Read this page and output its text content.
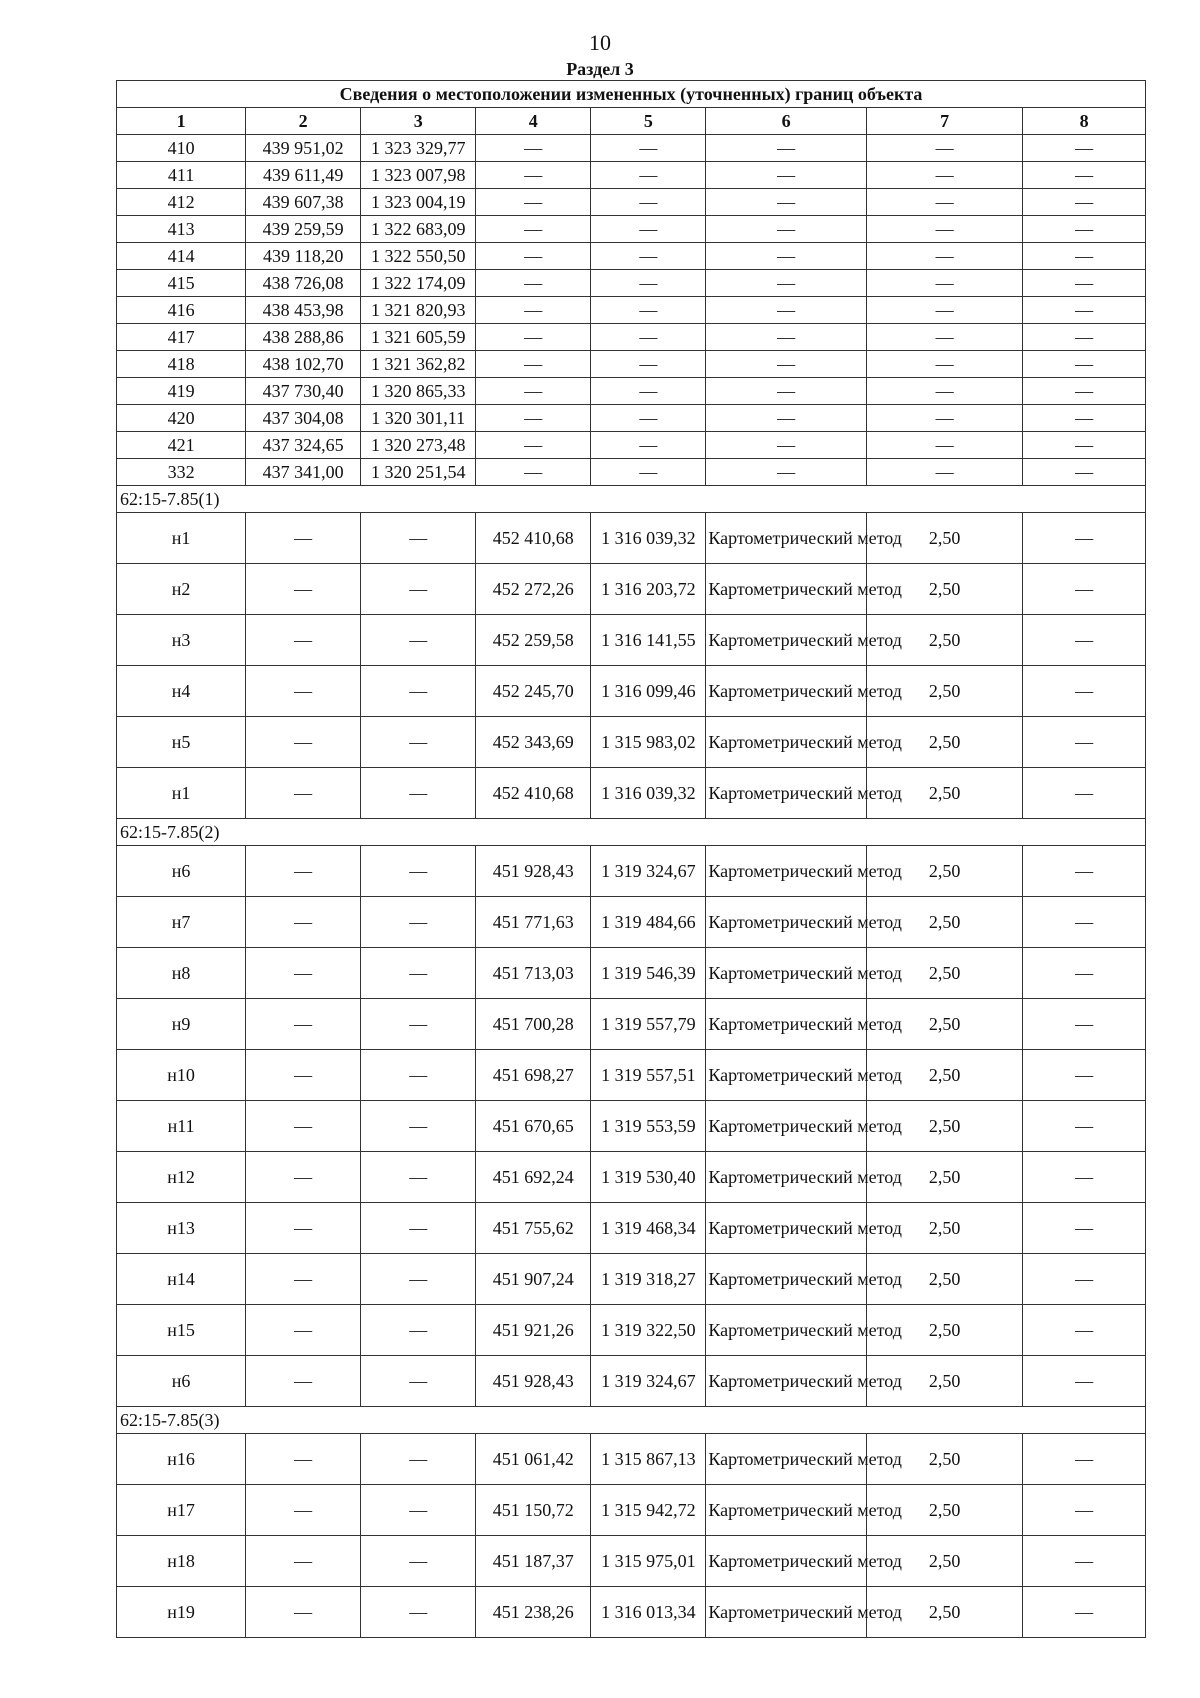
10
Раздел 3
Сведения о местоположении измененных (уточненных) границ объекта							
1	2	3	4	5	6	7	8
410	439 951,02	1 323 329,77	—	—	—	—	—
411	439 611,49	1 323 007,98	—	—	—	—	—
412	439 607,38	1 323 004,19	—	—	—	—	—
413	439 259,59	1 322 683,09	—	—	—	—	—
414	439 118,20	1 322 550,50	—	—	—	—	—
415	438 726,08	1 322 174,09	—	—	—	—	—
416	438 453,98	1 321 820,93	—	—	—	—	—
417	438 288,86	1 321 605,59	—	—	—	—	—
418	438 102,70	1 321 362,82	—	—	—	—	—
419	437 730,40	1 320 865,33	—	—	—	—	—
420	437 304,08	1 320 301,11	—	—	—	—	—
421	437 324,65	1 320 273,48	—	—	—	—	—
332	437 341,00	1 320 251,54	—	—	—	—	—
62:15-7.85(1)							
н1	—	—	452 410,68	1 316 039,32	Картометрический метод	2,50	—
н2	—	—	452 272,26	1 316 203,72	Картометрический метод	2,50	—
н3	—	—	452 259,58	1 316 141,55	Картометрический метод	2,50	—
н4	—	—	452 245,70	1 316 099,46	Картометрический метод	2,50	—
н5	—	—	452 343,69	1 315 983,02	Картометрический метод	2,50	—
н1	—	—	452 410,68	1 316 039,32	Картометрический метод	2,50	—
62:15-7.85(2)							
н6	—	—	451 928,43	1 319 324,67	Картометрический метод	2,50	—
н7	—	—	451 771,63	1 319 484,66	Картометрический метод	2,50	—
н8	—	—	451 713,03	1 319 546,39	Картометрический метод	2,50	—
н9	—	—	451 700,28	1 319 557,79	Картометрический метод	2,50	—
н10	—	—	451 698,27	1 319 557,51	Картометрический метод	2,50	—
н11	—	—	451 670,65	1 319 553,59	Картометрический метод	2,50	—
н12	—	—	451 692,24	1 319 530,40	Картометрический метод	2,50	—
н13	—	—	451 755,62	1 319 468,34	Картометрический метод	2,50	—
н14	—	—	451 907,24	1 319 318,27	Картометрический метод	2,50	—
н15	—	—	451 921,26	1 319 322,50	Картометрический метод	2,50	—
н6	—	—	451 928,43	1 319 324,67	Картометрический метод	2,50	—
62:15-7.85(3)							
н16	—	—	451 061,42	1 315 867,13	Картометрический метод	2,50	—
н17	—	—	451 150,72	1 315 942,72	Картометрический метод	2,50	—
н18	—	—	451 187,37	1 315 975,01	Картометрический метод	2,50	—
н19	—	—	451 238,26	1 316 013,34	Картометрический метод	2,50	—
